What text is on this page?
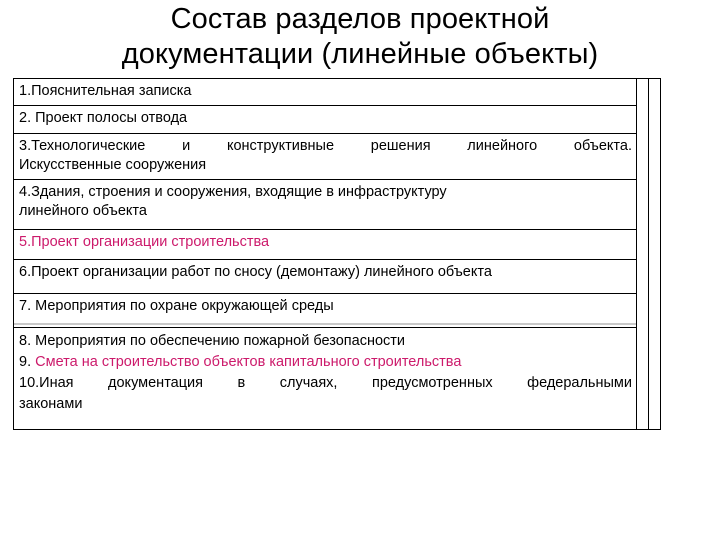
Состав разделов проектной
документации (линейные объекты)
1.Пояснительная записка
2. Проект полосы отвода
3.Технологические и конструктивные решения линейного объекта.
Искусственные сооружения
4.Здания, строения и сооружения, входящие в инфраструктуру
линейного объекта
5.Проект организации строительства
6.Проект организации работ по сносу (демонтажу) линейного объекта
7. Мероприятия по охране окружающей среды
8. Мероприятия по обеспечению пожарной безопасности
9. Смета на строительство объектов капитального строительства
10.Иная документация в случаях, предусмотренных федеральными
законами
